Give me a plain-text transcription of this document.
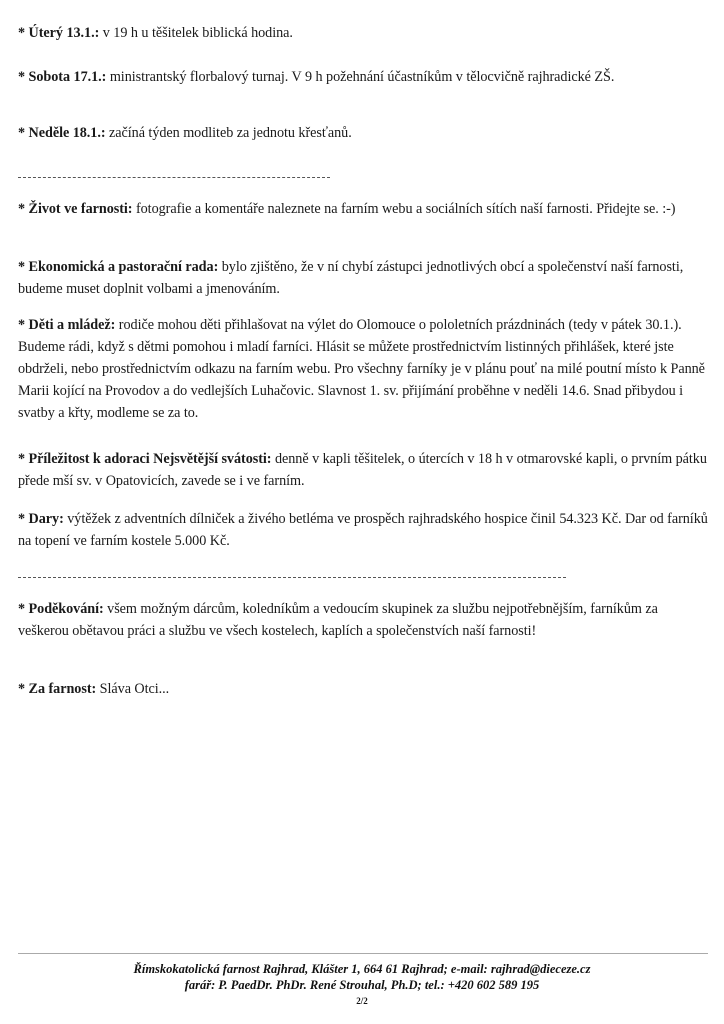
* Úterý 13.1.: v 19 h u těšitelek biblická hodina.

* Sobota 17.1.: ministrantský florbalový turnaj. V 9 h požehnání účastníkům v tělocvičně rajhradické ZŠ.

* Neděle 18.1.: začíná týden modliteb za jednotu křesťanů.

* Život ve farnosti: fotografie a komentáře naleznete na farním webu a sociálních sítích naší farnosti. Přidejte se. :-)

* Ekonomická a pastorační rada: bylo zjištěno, že v ní chybí zástupci jednotlivých obcí a společenství naší farnosti, budeme muset doplnit volbami a jmenováním.

* Děti a mládež: rodiče mohou děti přihlašovat na výlet do Olomouce o pololetních prázdninách (tedy v pátek 30.1.). Budeme rádi, když s dětmi pomohou i mladí farníci. Hlásit se můžete prostřednictvím listinných přihlášek, které jste obdrželi, nebo prostřednictvím odkazu na farním webu. Pro všechny farníky je v plánu pouť na milé poutní místo k Panně Marii kojící na Provodov a do vedlejších Luhačovic. Slavnost 1. sv. přijímání proběhne v neděli 14.6. Snad přibydou i svatby a křty, modleme se za to.

* Příležitost k adoraci Nejsvětější svátosti: denně v kapli těšitelek, o útercích v 18 h v otmarovské kapli, o prvním pátku přede mší sv. v Opatovicích, zavede se i ve farním.

* Dary: výtěžek z adventních dílniček a živého betléma ve prospěch rajhradského hospice činil 54.323 Kč. Dar od farníků na topení ve farním kostele 5.000 Kč.

* Poděkování: všem možným dárcům, koledníkům a vedoucím skupinek za službu nejpotřebnějším, farníkům za veškerou obětavou práci a službu ve všech kostelech, kaplích a společenstvích naší farnosti!

* Za farnost: Sláva Otci...

Římskokatolická farnost Rajhrad, Klášter 1, 664 61 Rajhrad; e-mail: rajhrad@dieceze.cz
farář: P. PaedDr. PhDr. René Strouhal, Ph.D; tel.: +420 602 589 195
2/2
